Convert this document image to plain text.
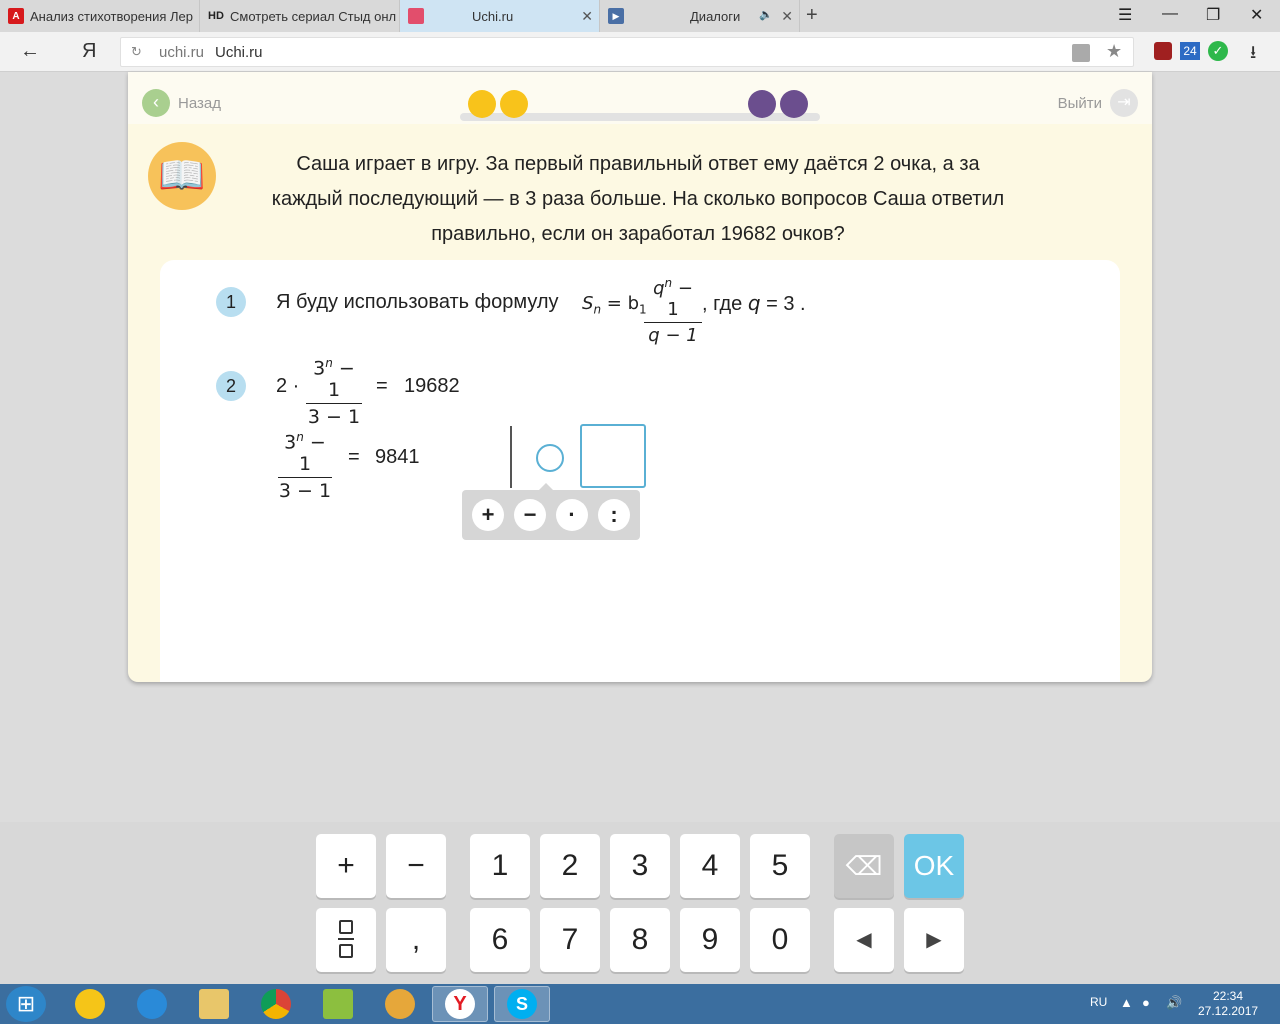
А Анализ стихотворения Лер HD Смотреть сериал Стыд онл	Uchi.ru	✕	▶	Диалоги 🔈 ✕ +	☰ — ❐ ✕
← Я	↻ uchi.ru Uchi.ru	★	24	✓ ⭳
‹	Назад	Выйти ⇥
📖	Саша играет в игру. За первый правильный ответ ему даётся 2 очка, а за
каждый последующий — в 3 раза больше. На сколько вопросов Саша ответил
правильно, если он заработал 19682 очков?
1	Я буду использовать формулу $S_n = b_1$
$\frac{q^n - 1}{q - 1}$ , где q = 3 .
2	$2 \cdot \frac{3^n - 1}{3 - 1} = 19682$
$\frac{3^n - 1}{3 - 1} = 9841$
+	−	·	:
+	−	1	2	3	4	5	⌫	OK
,	6	7	8	9	0	◀	▶
⊞	Y	S	RU ▲ ● 🔊	22:34
27.12.2017
